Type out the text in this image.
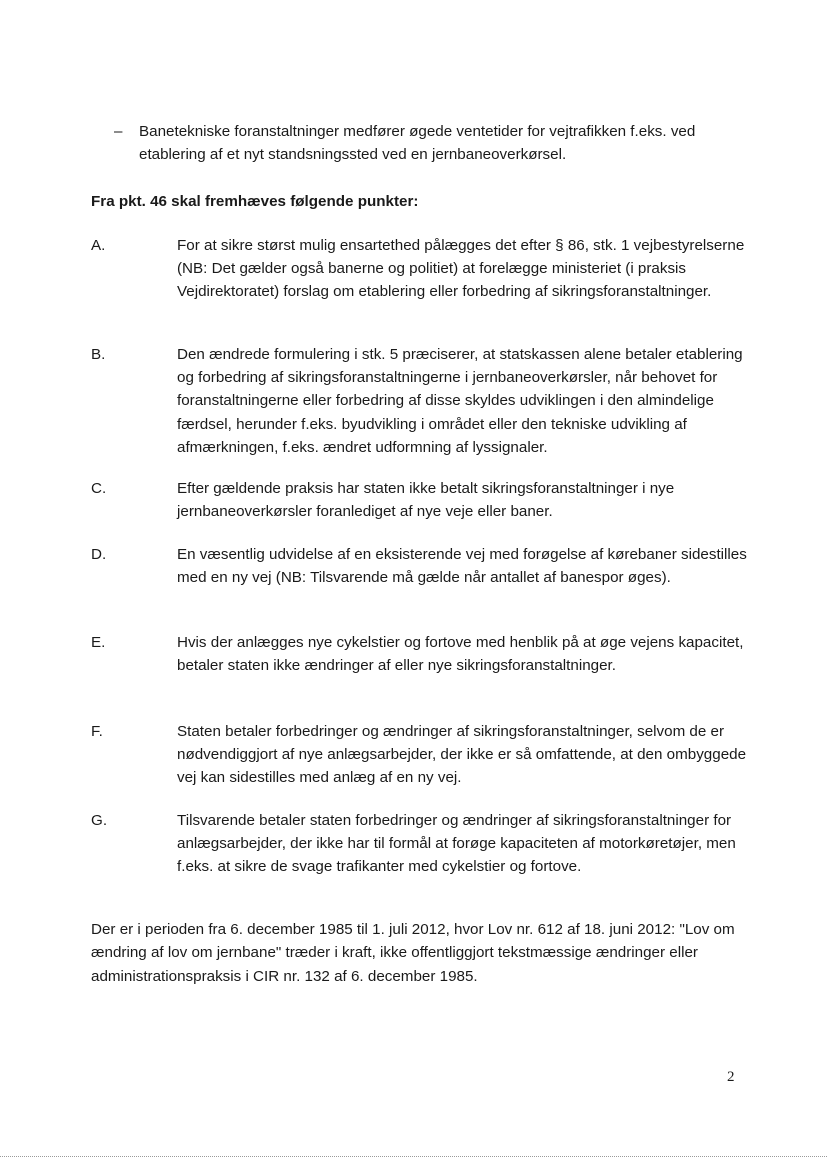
– Banetekniske foranstaltninger medfører øgede ventetider for vejtrafikken f.eks. ved etablering af et nyt standsningssted ved en jernbaneoverkørsel.
Fra pkt. 46 skal fremhæves følgende punkter:
A.	For at sikre størst mulig ensartethed pålægges det efter § 86, stk. 1 vejbestyrelserne (NB: Det gælder også banerne og politiet) at forelægge ministeriet (i praksis Vejdirektoratet) forslag om etablering eller forbedring af sikringsforanstaltninger.
B.	Den ændrede formulering i stk. 5 præciserer, at statskassen alene betaler etablering og forbedring af sikringsforanstaltningerne i jernbaneoverkørsler, når behovet for foranstaltningerne eller forbedring af disse skyldes udviklingen i den almindelige færdsel, herunder f.eks. byudvikling i området eller den tekniske udvikling af afmærkningen, f.eks. ændret udformning af lyssignaler.
C.	Efter gældende praksis har staten ikke betalt sikringsforanstaltninger i nye jernbaneoverkørsler foranlediget af nye veje eller baner.
D.	En væsentlig udvidelse af en eksisterende vej med forøgelse af kørebaner sidestilles med en ny vej (NB: Tilsvarende må gælde når antallet af banespor øges).
E.	Hvis der anlægges nye cykelstier og fortove med henblik på at øge vejens kapacitet, betaler staten ikke ændringer af eller nye sikringsforanstaltninger.
F.	Staten betaler forbedringer og ændringer af sikringsforanstaltninger, selvom de er nødvendiggjort af nye anlægsarbejder, der ikke er så omfattende, at den ombyggede vej kan sidestilles med anlæg af en ny vej.
G.	Tilsvarende betaler staten forbedringer og ændringer af sikringsforanstaltninger for anlægsarbejder, der ikke har til formål at forøge kapaciteten af motorkøretøjer, men f.eks. at sikre de svage trafikanter med cykelstier og fortove.
Der er i perioden fra 6. december 1985 til 1. juli 2012, hvor Lov nr. 612 af 18. juni 2012: "Lov om ændring af lov om jernbane" træder i kraft, ikke offentliggjort tekstmæssige ændringer eller administrationspraksis i CIR nr. 132 af 6. december 1985.
2
